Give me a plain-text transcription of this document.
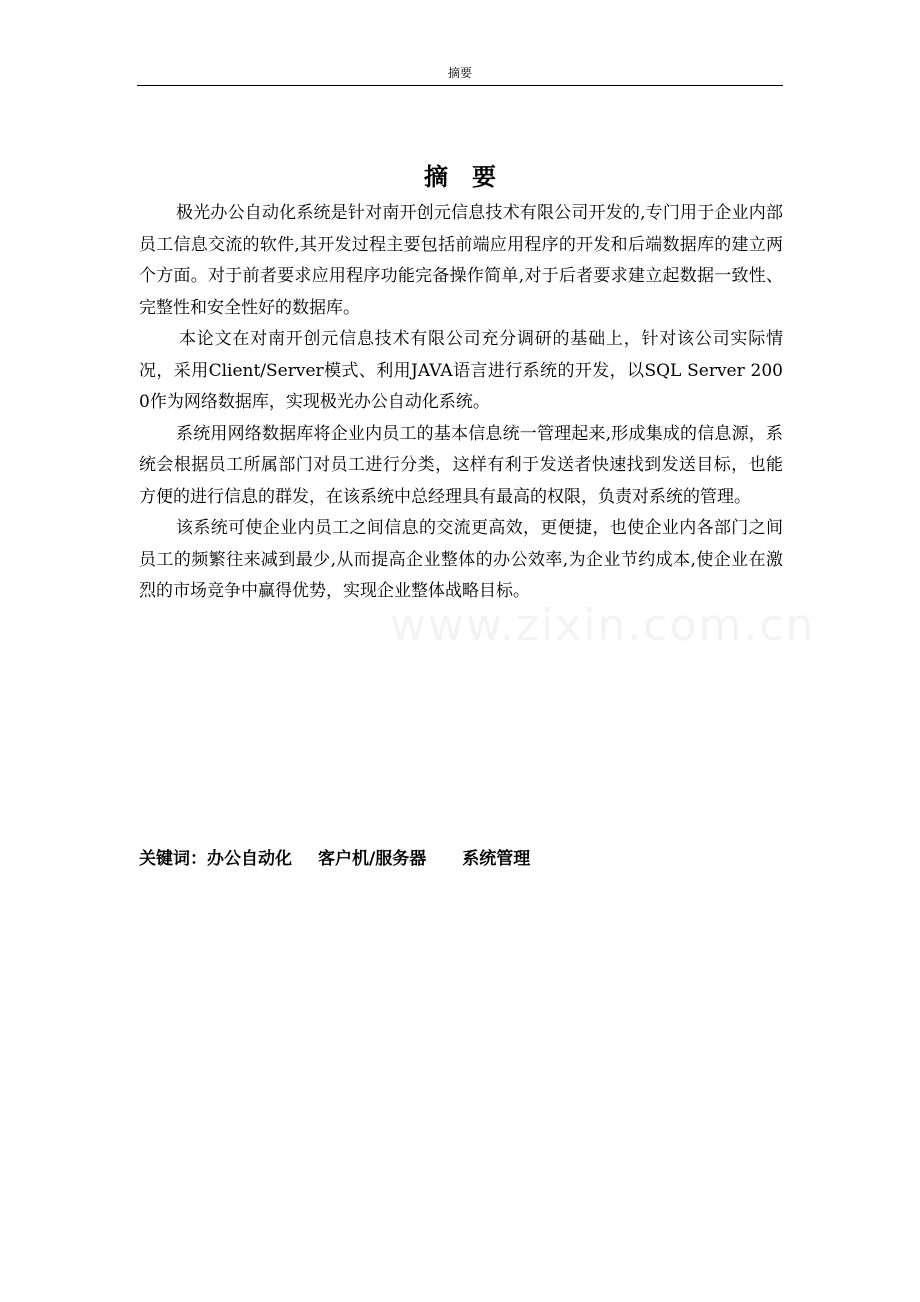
摘要
摘要

极光办公自动化系统是针对南开创元信息技术有限公司开发的,专门用于企业内部员工信息交流的软件,其开发过程主要包括前端应用程序的开发和后端数据库的建立两个方面。对于前者要求应用程序功能完备操作简单,对于后者要求建立起数据一致性、完整性和安全性好的数据库。

本论文在对南开创元信息技术有限公司充分调研的基础上，针对该公司实际情况，采用Client/Server模式、利用JAVA语言进行系统的开发，以SQL Server 2000作为网络数据库，实现极光办公自动化系统。

系统用网络数据库将企业内员工的基本信息统一管理起来,形成集成的信息源，系统会根据员工所属部门对员工进行分类，这样有利于发送者快速找到发送目标，也能方便的进行信息的群发，在该系统中总经理具有最高的权限，负责对系统的管理。

该系统可使企业内员工之间信息的交流更高效，更便捷，也使企业内各部门之间员工的频繁往来减到最少,从而提高企业整体的办公效率,为企业节约成本,使企业在激烈的市场竞争中赢得优势，实现企业整体战略目标。

关键词：办公自动化 客户机/服务器 系统管理
